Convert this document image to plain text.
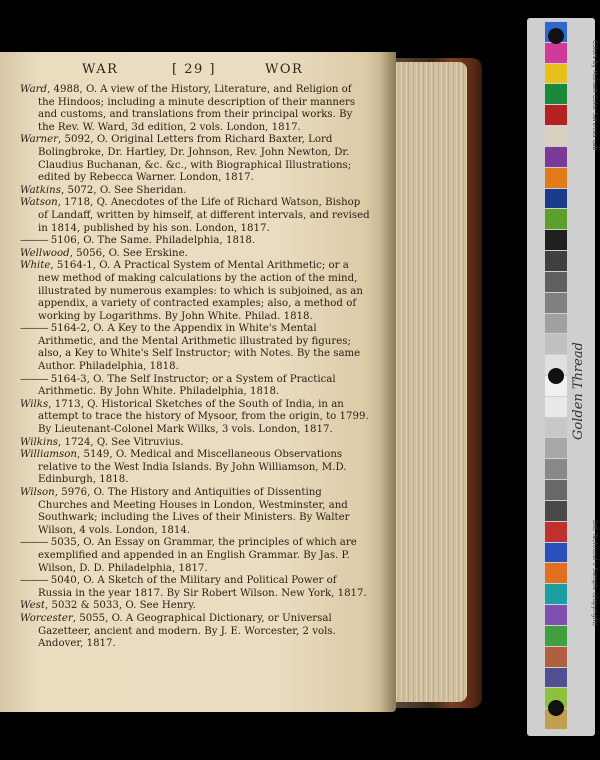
WAR	[ 29 ]	WOR

Ward, 4988, O. A view of the History, Literature, and Religion of the Hindoos; including a minute description of their manners and customs, and translations from their principal works. By the Rev. W. Ward, 3d edition, 2 vols. London, 1817.

Warner, 5092, O. Original Letters from Richard Baxter, Lord Bolingbroke, Dr. Hartley, Dr. Johnson, Rev. John Newton, Dr. Claudius Buchanan, &c. &c., with Biographical Illustrations; edited by Rebecca Warner. London, 1817.

Watkins, 5072, O. See Sheridan.

Watson, 1718, Q. Anecdotes of the Life of Richard Watson, Bishop of Landaff, written by himself, at different intervals, and revised in 1814, published by his son. London, 1817.

——— 5106, O. The Same. Philadelphia, 1818.

Wellwood, 5056, O. See Erskine.

White, 5164-1, O. A Practical System of Mental Arithmetic; or a new method of making calculations by the action of the mind, illustrated by numerous examples: to which is subjoined, as an appendix, a variety of contracted examples; also, a method of working by Logarithms. By John White. Philad. 1818.

——— 5164-2, O. A Key to the Appendix in White's Mental Arithmetic, and the Mental Arithmetic illustrated by figures; also, a Key to White's Self Instructor; with Notes. By the same Author. Philadelphia, 1818.

——— 5164-3, O. The Self Instructor; or a System of Practical Arithmetic. By John White. Philadelphia, 1818.

Wilks, 1713, Q. Historical Sketches of the South of India, in an attempt to trace the history of Mysoor, from the origin, to 1799. By Lieutenant-Colonel Mark Wilks, 3 vols. London, 1817.

Wilkins, 1724, Q. See Vitruvius.

Williamson, 5149, O. Medical and Miscellaneous Observations relative to the West India Islands. By John Williamson, M.D. Edinburgh, 1818.

Wilson, 5976, O. The History and Antiquities of Dissenting Churches and Meeting Houses in London, Westminster, and Southwark; including the Lives of their Ministers. By Walter Wilson, 4 vols. London, 1814.

——— 5035, O. An Essay on Grammar, the principles of which are exemplified and appended in an English Grammar. By Jas. P. Wilson, D. D. Philadelphia, 1817.

——— 5040, O. A Sketch of the Military and Political Power of Russia in the year 1817. By Sir Robert Wilson. New York, 1817.

West, 5032 & 5033, O. See Henry.

Worcester, 5055, O. A Geographical Dictionary, or Universal Gazetteer, ancient and modern. By J. E. Worcester, 2 vols. Andover, 1817.

Golden Thread
Colors by Munsell Color Services Lab
DIG Technical L Sample (Copyright)
